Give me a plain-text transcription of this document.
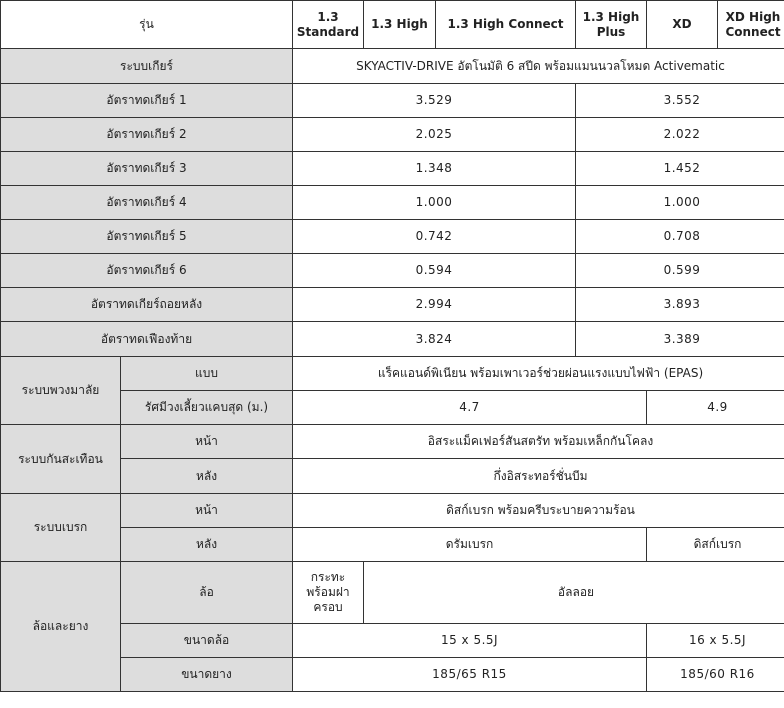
รุ่น		1.3 Standard	1.3 High	1.3 High Connect	1.3 High Plus	XD	XD High Connect
ระบบเกียร์		SKYACTIV-DRIVE อัตโนมัติ 6 สปีด พร้อมแมนนวลโหมด Activematic					
อัตราทดเกียร์ 1		3.529			3.552		
อัตราทดเกียร์ 2		2.025			2.022		
อัตราทดเกียร์ 3		1.348			1.452		
อัตราทดเกียร์ 4		1.000			1.000		
อัตราทดเกียร์ 5		0.742			0.708		
อัตราทดเกียร์ 6		0.594			0.599		
อัตราทดเกียร์ถอยหลัง		2.994			3.893		
อัตราทดเฟืองท้าย		3.824			3.389		
ระบบพวงมาลัย	แบบ	แร็คแอนด์พิเนียน พร้อมเพาเวอร์ช่วยผ่อนแรงแบบไฟฟ้า (EPAS)					
	รัศมีวงเลี้ยวแคบสุด (ม.)	4.7				4.9	
ระบบกันสะเทือน	หน้า	อิสระแม็คเฟอร์สันสตรัท พร้อมเหล็กกันโคลง					
	หลัง	กึ่งอิสระทอร์ชั่นบีม					
ระบบเบรก	หน้า	ดิสก์เบรก พร้อมครีบระบายความร้อน					
	หลัง	ดรัมเบรก				ดิสก์เบรก	
ล้อและยาง	ล้อ	กระทะ พร้อมฝาครอบ	อัลลอย				
	ขนาดล้อ	15 x 5.5J				16 x 5.5J	
	ขนาดยาง	185/65 R15				185/60 R16	
